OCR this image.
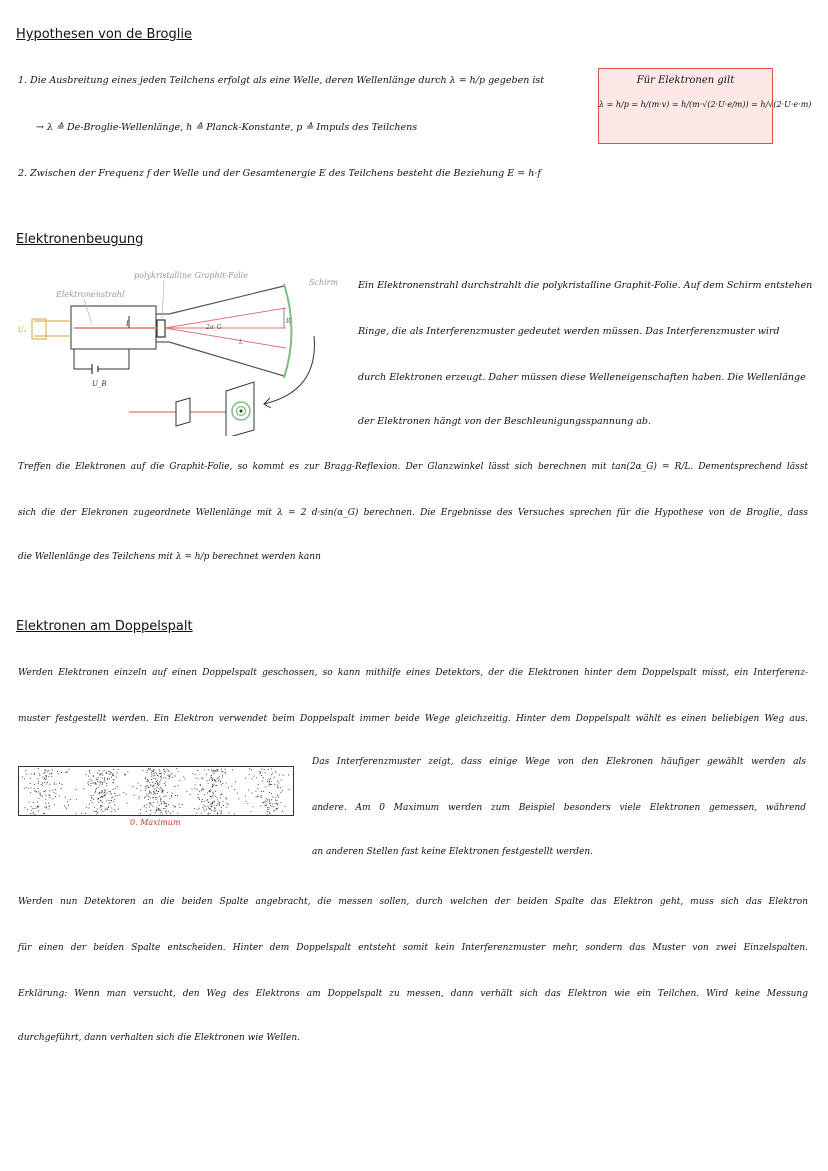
Hypothesen von de Broglie
1. Die Ausbreitung eines jeden Teilchens erfolgt als eine Welle, deren Wellenlänge durch λ = h/p gegeben ist
→ λ ≙ De-Broglie-Wellenlänge, h ≙ Planck-Konstante, p ≙ Impuls des Teilchens
2. Zwischen der Frequenz f der Welle und der Gesamtenergie E des Teilchens besteht die Beziehung E = h·f
Für Elektronen gilt
λ = h/p = h/(m·v) = h/(m·√(2·U·e/m)) = h/√(2·U·e·m)
Elektronenbeugung
polykristalline Graphit-Folie
Schirm
Elektronenstrahl
Uₐ
U_B
2α_G
L
R
I
Ein Elektronenstrahl durchstrahlt die polykristalline Graphit-Folie. Auf dem Schirm entstehen
Ringe, die als Interferenzmuster gedeutet werden müssen. Das Interferenzmuster wird
durch Elektronen erzeugt. Daher müssen diese Welleneigenschaften haben. Die Wellenlänge
der Elektronen hängt von der Beschleunigungsspannung ab.
Treffen die Elektronen auf die Graphit-Folie, so kommt es zur Bragg-Reflexion. Der Glanzwinkel lässt sich berechnen mit tan(2α_G) = R/L. Dementsprechend lässt
sich die der Elekronen zugeordnete Wellenlänge mit λ = 2 d·sin(α_G) berechnen. Die Ergebnisse des Versuches sprechen für die Hypothese von de Broglie, dass
die Wellenlänge des Teilchens mit λ = h/p berechnet werden kann
Elektronen am Doppelspalt
Werden Elektronen einzeln auf einen Doppelspalt geschossen, so kann mithilfe eines Detektors, der die Elektronen hinter dem Doppelspalt misst, ein Interferenz-
muster festgestellt werden. Ein Elektron verwendet beim Doppelspalt immer beide Wege gleichzeitig. Hinter dem Doppelspalt wählt es einen beliebigen Weg aus.
0. Maximum
Das Interferenzmuster zeigt, dass einige Wege von den Elekronen häufiger gewählt werden als
andere. Am 0 Maximum werden zum Beispiel besonders viele Elektronen gemessen, während
an anderen Stellen fast keine Elektronen festgestellt werden.
Werden nun Detektoren an die beiden Spalte angebracht, die messen sollen, durch welchen der beiden Spalte das Elektron geht, muss sich das Elektron
für einen der beiden Spalte entscheiden. Hinter dem Doppelspalt entsteht somit kein Interferenzmuster mehr, sondern das Muster von zwei Einzelspalten.
Erklärung: Wenn man versucht, den Weg des Elektrons am Doppelspalt zu messen, dann verhält sich das Elektron wie ein Teilchen. Wird keine Messung
durchgeführt, dann verhalten sich die Elektronen wie Wellen.
